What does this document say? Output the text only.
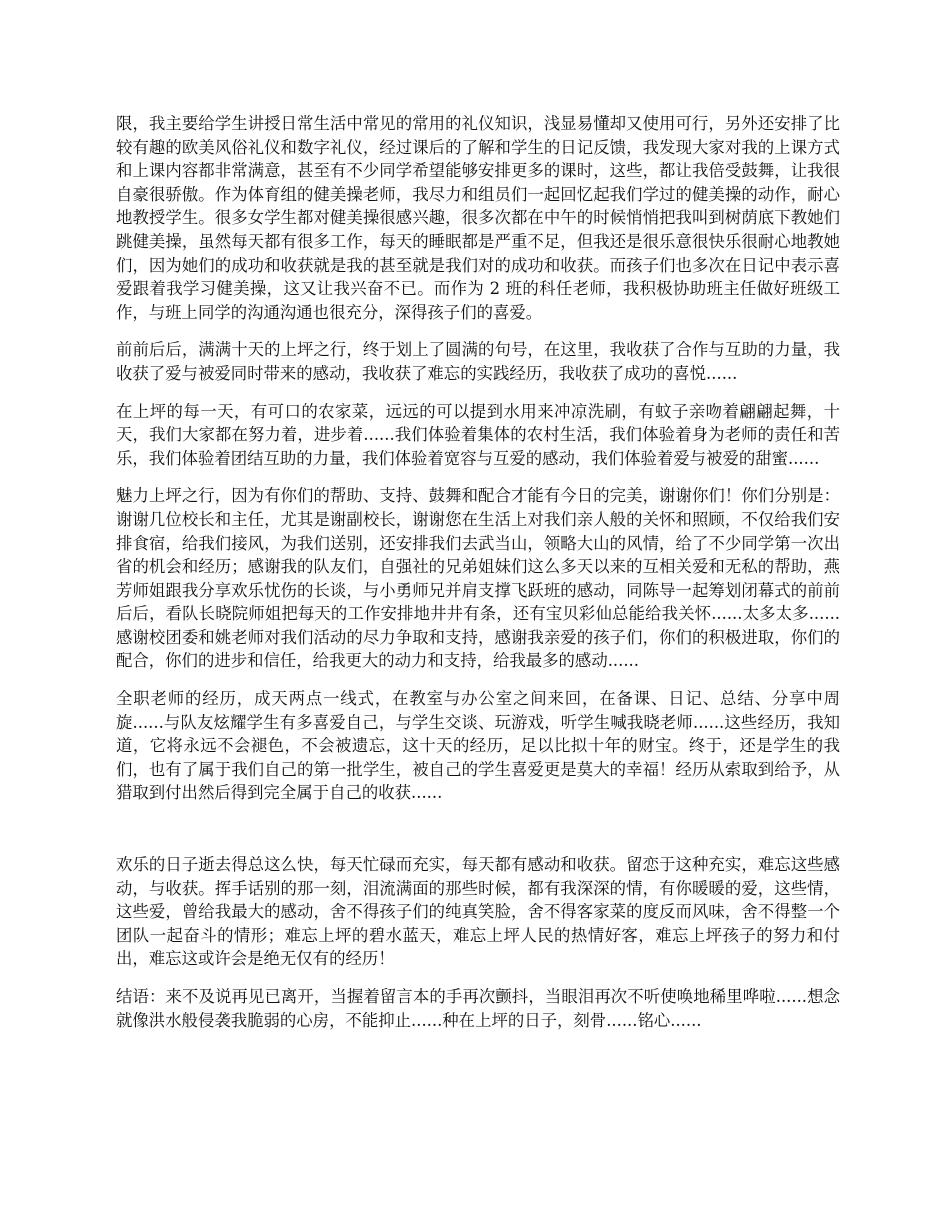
限，我主要给学生讲授日常生活中常见的常用的礼仪知识，浅显易懂却又使用可行，另外还安排了比较有趣的欧美风俗礼仪和数字礼仪，经过课后的了解和学生的日记反馈，我发现大家对我的上课方式和上课内容都非常满意，甚至有不少同学希望能够安排更多的课时，这些，都让我倍受鼓舞，让我很自豪很骄傲。作为体育组的健美操老师，我尽力和组员们一起回忆起我们学过的健美操的动作，耐心地教授学生。很多女学生都对健美操很感兴趣，很多次都在中午的时候悄悄把我叫到树荫底下教她们跳健美操，虽然每天都有很多工作，每天的睡眠都是严重不足，但我还是很乐意很快乐很耐心地教她们，因为她们的成功和收获就是我的甚至就是我们对的成功和收获。而孩子们也多次在日记中表示喜爱跟着我学习健美操，这又让我兴奋不已。而作为 2 班的科任老师，我积极协助班主任做好班级工作，与班上同学的沟通沟通也很充分，深得孩子们的喜爱。

前前后后，满满十天的上坪之行，终于划上了圆满的句号，在这里，我收获了合作与互助的力量，我收获了爱与被爱同时带来的感动，我收获了难忘的实践经历，我收获了成功的喜悦......

在上坪的每一天，有可口的农家菜，远远的可以提到水用来冲凉洗刷，有蚊子亲吻着翩翩起舞，十天，我们大家都在努力着，进步着......我们体验着集体的农村生活，我们体验着身为老师的责任和苦乐，我们体验着团结互助的力量，我们体验着宽容与互爱的感动，我们体验着爱与被爱的甜蜜......

魅力上坪之行，因为有你们的帮助、支持、鼓舞和配合才能有今日的完美，谢谢你们！你们分别是：谢谢几位校长和主任，尤其是谢副校长，谢谢您在生活上对我们亲人般的关怀和照顾，不仅给我们安排食宿，给我们接风，为我们送别，还安排我们去武当山，领略大山的风情，给了不少同学第一次出省的机会和经历；感谢我的队友们，自强社的兄弟姐妹们这么多天以来的互相关爱和无私的帮助，燕芳师姐跟我分享欢乐忧伤的长谈，与小勇师兄并肩支撑飞跃班的感动，同陈导一起筹划闭幕式的前前后后，看队长晓院师姐把每天的工作安排地井井有条，还有宝贝彩仙总能给我关怀......太多太多......感谢校团委和姚老师对我们活动的尽力争取和支持，感谢我亲爱的孩子们，你们的积极进取，你们的配合，你们的进步和信任，给我更大的动力和支持，给我最多的感动......

全职老师的经历，成天两点一线式，在教室与办公室之间来回，在备课、日记、总结、分享中周旋......与队友炫耀学生有多喜爱自己，与学生交谈、玩游戏，听学生喊我晓老师......这些经历，我知道，它将永远不会褪色，不会被遗忘，这十天的经历，足以比拟十年的财宝。终于，还是学生的我们，也有了属于我们自己的第一批学生，被自己的学生喜爱更是莫大的幸福！经历从索取到给予，从猎取到付出然后得到完全属于自己的收获......

欢乐的日子逝去得总这么快，每天忙碌而充实，每天都有感动和收获。留恋于这种充实，难忘这些感动，与收获。挥手话别的那一刻，泪流满面的那些时候，都有我深深的情，有你暖暖的爱，这些情，这些爱，曾给我最大的感动，舍不得孩子们的纯真笑脸，舍不得客家菜的度反而风味，舍不得整一个团队一起奋斗的情形；难忘上坪的碧水蓝天，难忘上坪人民的热情好客，难忘上坪孩子的努力和付出，难忘这或许会是绝无仅有的经历！

结语：来不及说再见已离开，当握着留言本的手再次颤抖，当眼泪再次不听使唤地稀里哗啦......想念就像洪水般侵袭我脆弱的心房，不能抑止......种在上坪的日子，刻骨......铭心......
